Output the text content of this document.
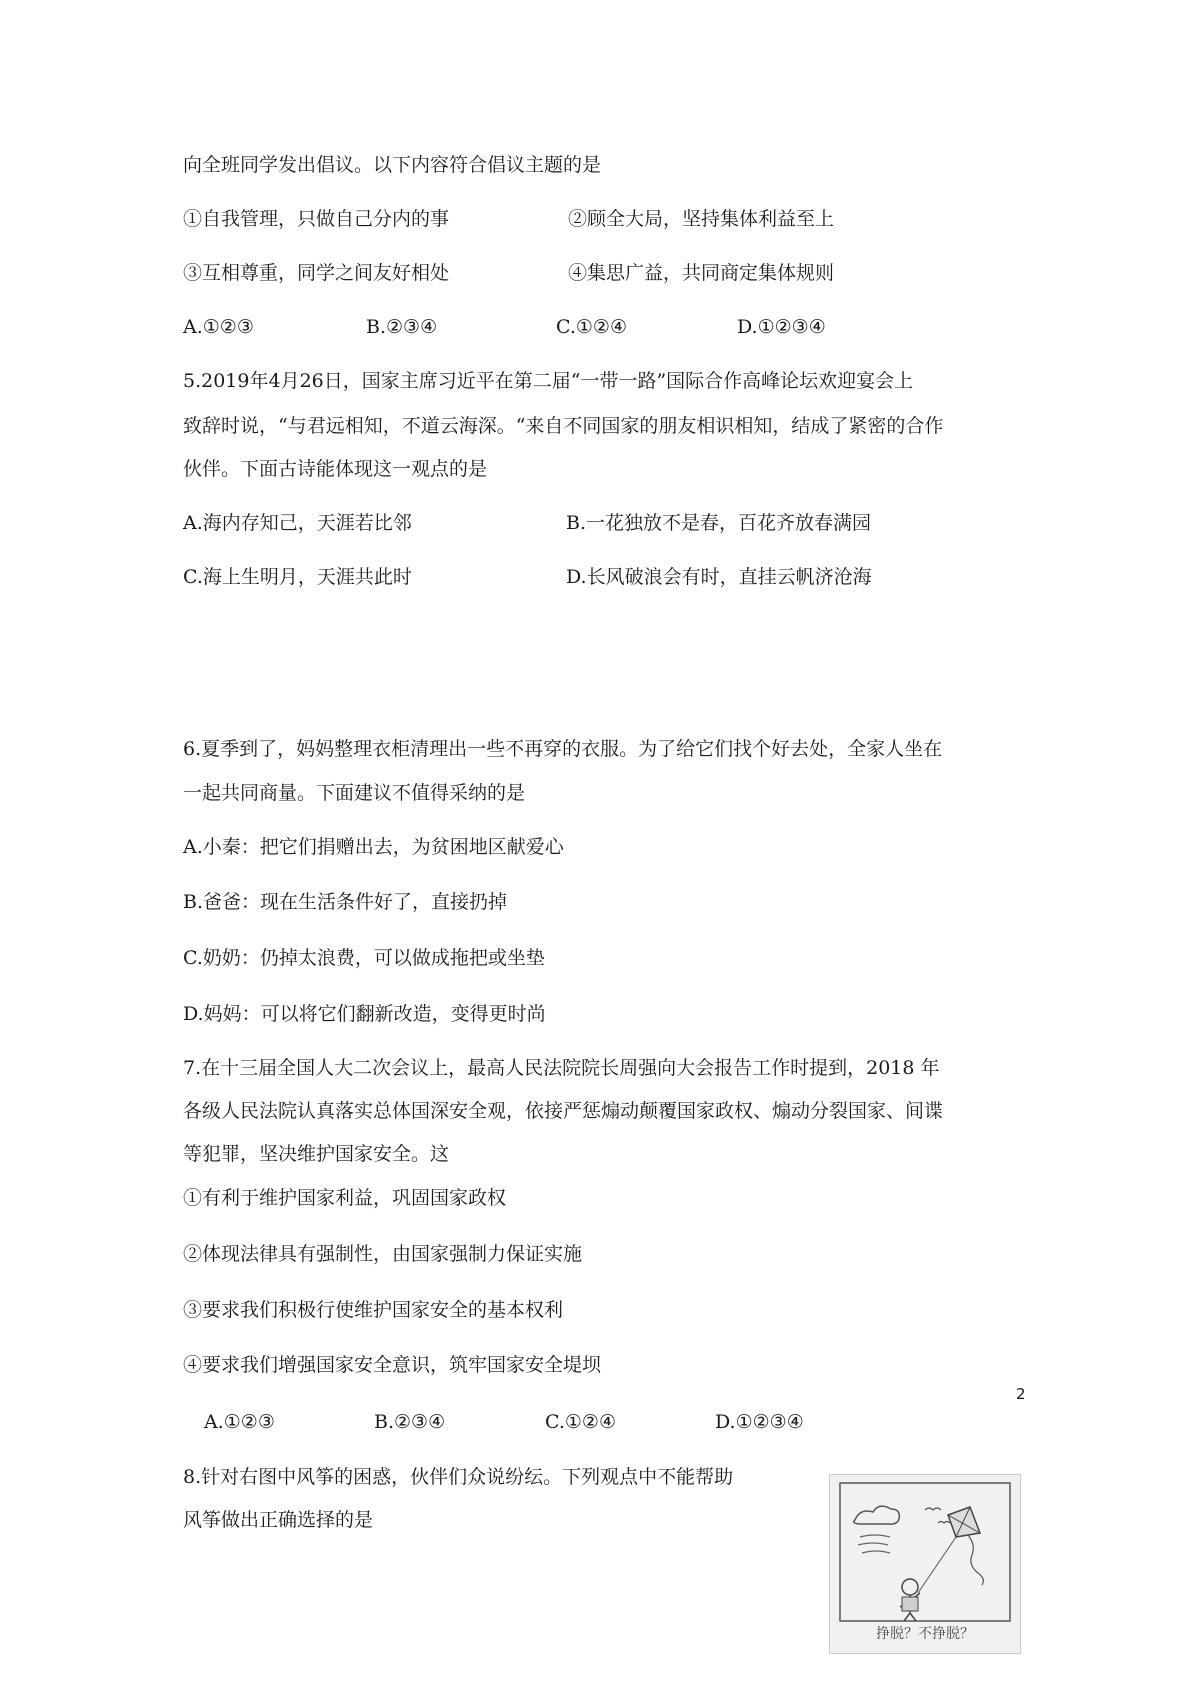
向全班同学发出倡议。以下内容符合倡议主题的是
①自我管理，只做自己分内的事	②顾全大局，坚持集体利益至上
③互相尊重，同学之间友好相处	④集思广益，共同商定集体规则
A.①②③	B.②③④	C.①②④	D.①②③④
5.2019年4月26日，国家主席习近平在第二届“一带一路”国际合作高峰论坛欢迎宴会上
致辞时说，“与君远相知，不道云海深。“来自不同国家的朋友相识相知，结成了紧密的合作
伙伴。下面古诗能体现这一观点的是
A.海内存知己，天涯若比邻	B.一花独放不是春，百花齐放春满园
C.海上生明月，天涯共此时	D.长风破浪会有时，直挂云帆济沧海
6.夏季到了，妈妈整理衣柜清理出一些不再穿的衣服。为了给它们找个好去处，全家人坐在
一起共同商量。下面建议不值得采纳的是
A.小秦：把它们捐赠出去，为贫困地区献爱心
B.爸爸：现在生活条件好了，直接扔掉
C.奶奶：仍掉太浪费，可以做成拖把或坐垫
D.妈妈：可以将它们翻新改造，变得更时尚
7.在十三届全国人大二次会议上，最高人民法院院长周强向大会报告工作时提到，2018 年
各级人民法院认真落实总体国深安全观，依接严惩煽动颠覆国家政权、煽动分裂国家、间谍
等犯罪，坚决维护国家安全。这
①有利于维护国家利益，巩固国家政权
②体现法律具有强制性，由国家强制力保证实施
③要求我们积极行使维护国家安全的基本权利
④要求我们增强国家安全意识，筑牢国家安全堤坝
A.①②③	B.②③④	C.①②④	D.①②③④
8.针对右图中风筝的困惑，伙伴们众说纷纭。下列观点中不能帮助
风筝做出正确选择的是
挣脱？不挣脱？
2
